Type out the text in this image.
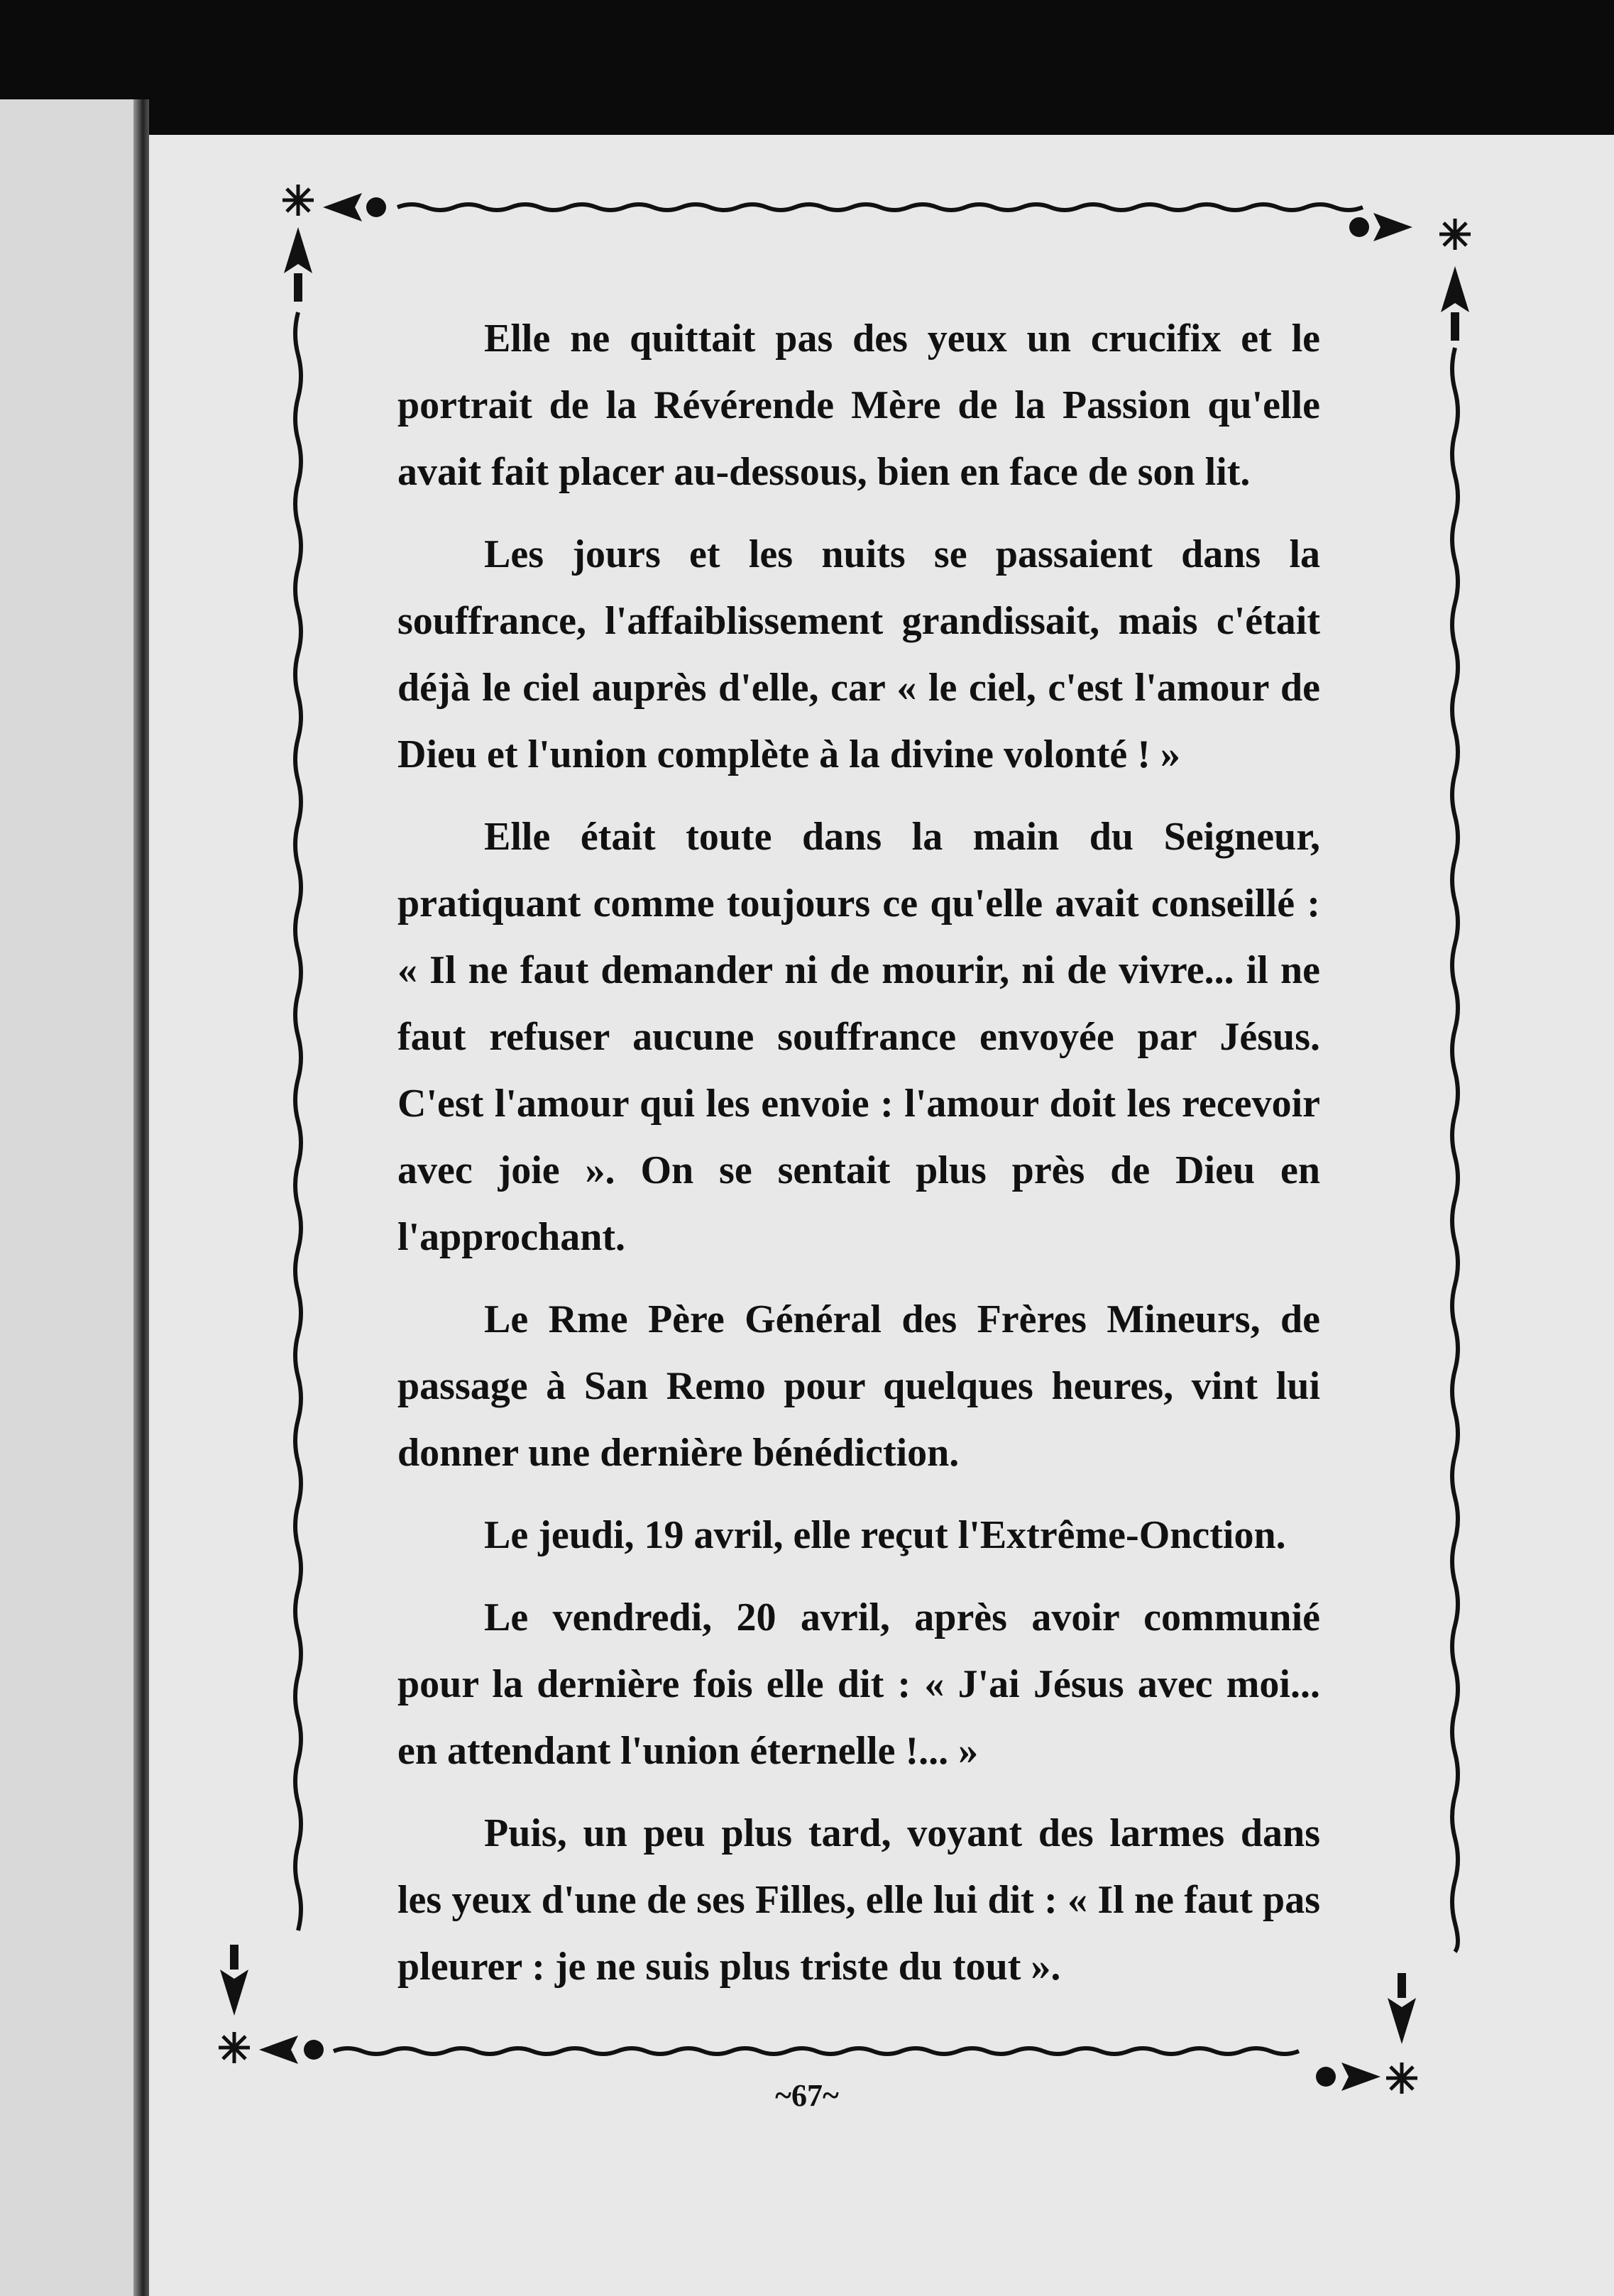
Elle ne quittait pas des yeux un crucifix et le portrait de la Révérende Mère de la Passion qu'elle avait fait placer au-dessous, bien en face de son lit.

Les jours et les nuits se passaient dans la souffrance, l'affaiblissement grandissait, mais c'était déjà le ciel auprès d'elle, car « le ciel, c'est l'amour de Dieu et l'union complète à la divine volonté ! »

Elle était toute dans la main du Seigneur, pratiquant comme toujours ce qu'elle avait conseillé : « Il ne faut demander ni de mourir, ni de vivre... il ne faut refuser aucune souffrance envoyée par Jésus. C'est l'amour qui les envoie : l'amour doit les recevoir avec joie ». On se sentait plus près de Dieu en l'approchant.

Le Rme Père Général des Frères Mineurs, de passage à San Remo pour quelques heures, vint lui donner une dernière bénédiction.

Le jeudi, 19 avril, elle reçut l'Extrême-Onction.

Le vendredi, 20 avril, après avoir communié pour la dernière fois elle dit : « J'ai Jésus avec moi... en attendant l'union éternelle !... »

Puis, un peu plus tard, voyant des larmes dans les yeux d'une de ses Filles, elle lui dit : « Il ne faut pas pleurer : je ne suis plus triste du tout ».

~67~
